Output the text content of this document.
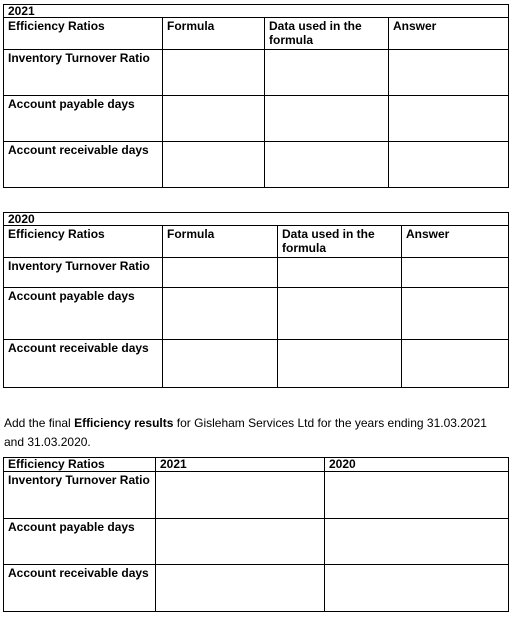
2021			
Efficiency Ratios	Formula	Data used in the formula	Answer
Inventory Turnover Ratio			
Account payable days			
Account receivable days			
2020			
Efficiency Ratios	Formula	Data used in the formula	Answer
Inventory Turnover Ratio			
Account payable days			
Account receivable days			
Add the final Efficiency results for Gisleham Services Ltd for the years ending 31.03.2021 and 31.03.2020.
Efficiency Ratios	2021	2020
Inventory Turnover Ratio		
Account payable days		
Account receivable days		
